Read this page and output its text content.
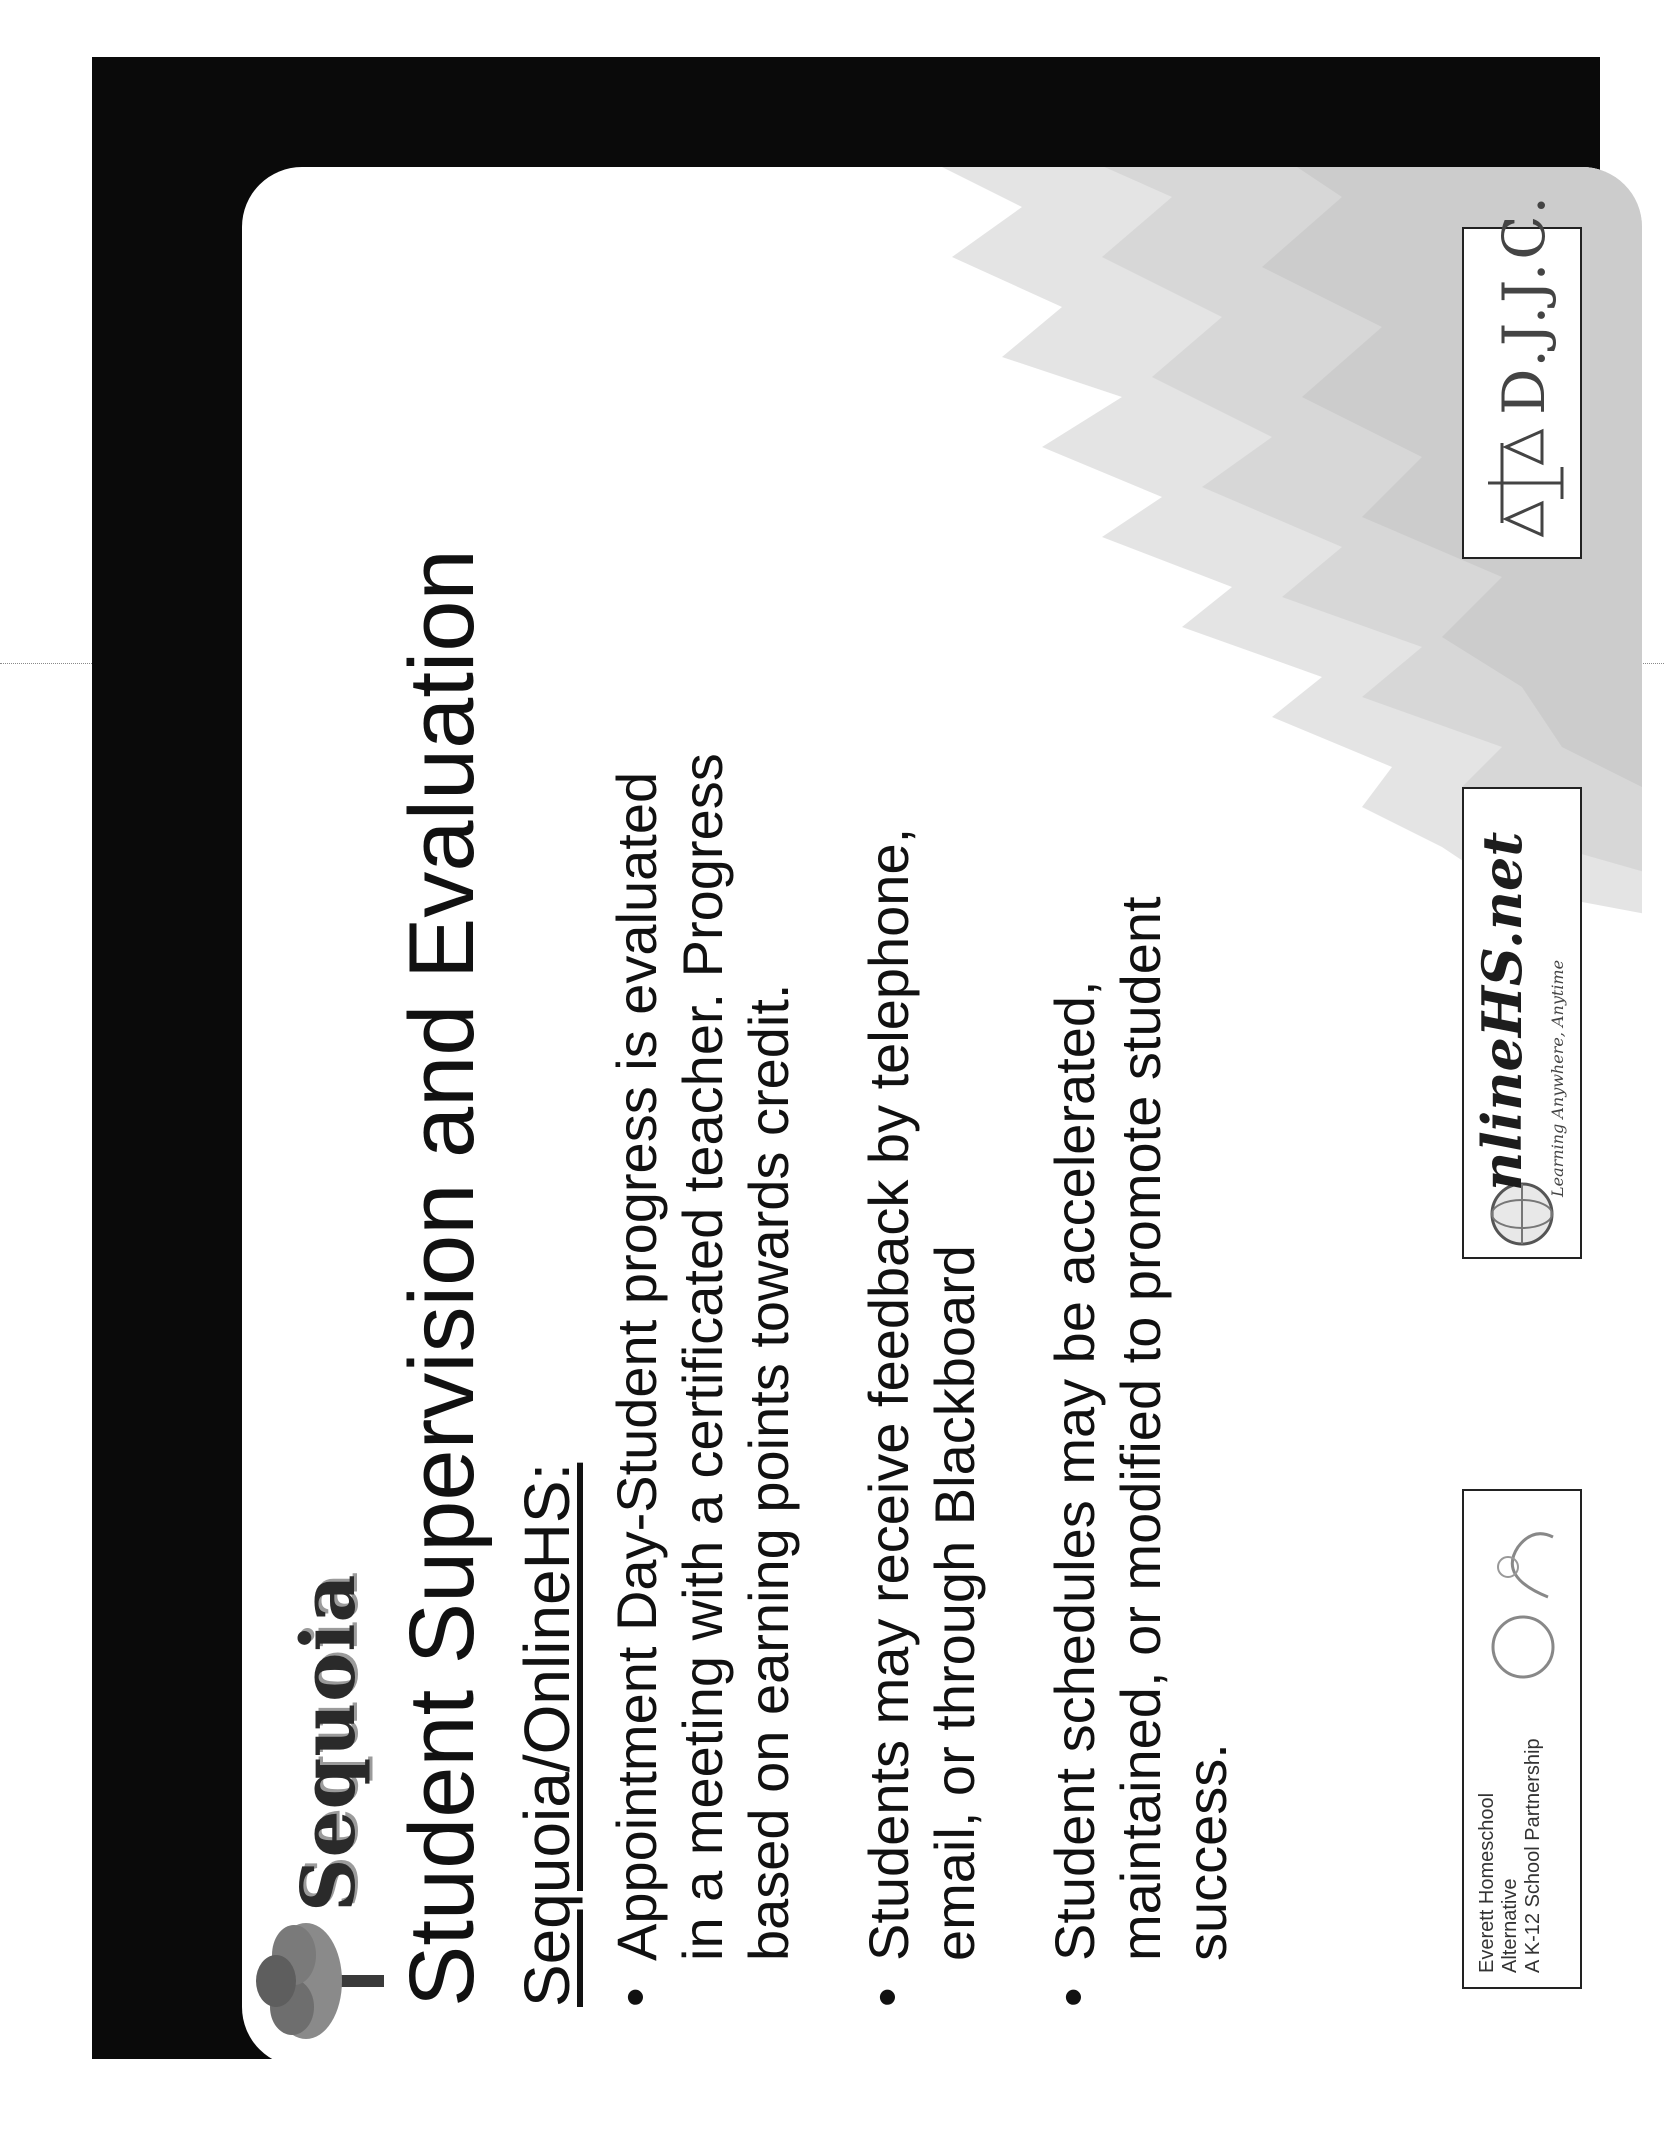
Sequoia Student Supervision and Evaluation Sequoia/OnlineHS: •
Appointment Day-Student progress is evaluated in a meeting with a certificated teacher. Progress based on earning points towards credit.
•
Students may receive feedback by telephone, email, or through Blackboard
•
Student schedules may be accelerated, maintained, or modified to promote student success.	Everett Homeschool Alternative A K-12 School Partnership
nlineHS.net Learning Anywhere, Anytime
D.J.J.C.
